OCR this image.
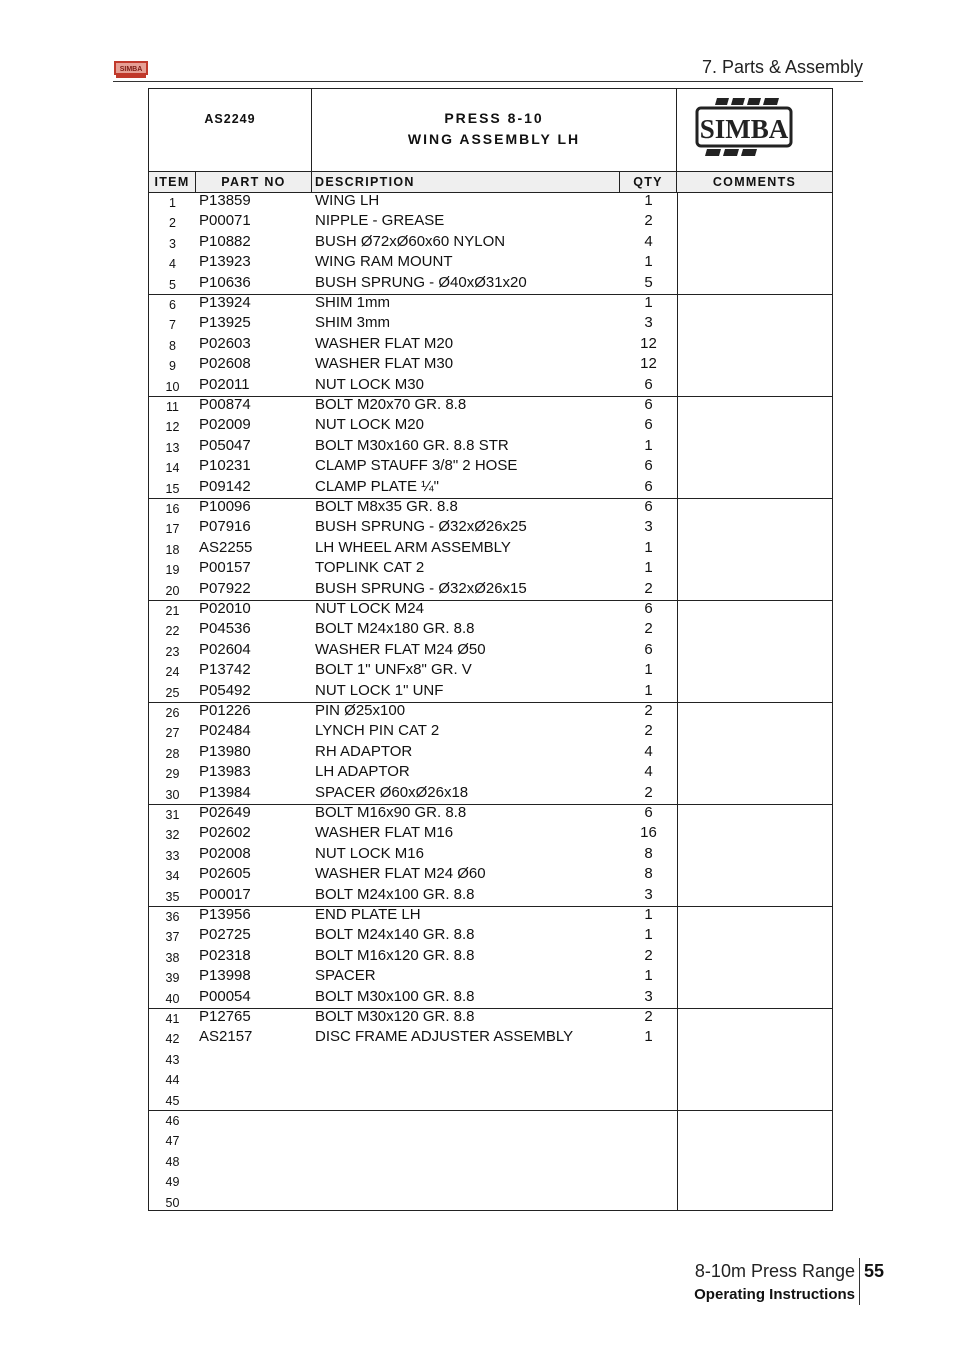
SIMBA	7. Parts & Assembly
AS2249	PRESS 8-10
WING ASSEMBLY LH	SIMBA
ITEM	PART NO	DESCRIPTION	QTY	COMMENTS
1	P13859	WING LH	1
2	P00071	NIPPLE - GREASE	2
3	P10882	BUSH Ø72xØ60x60 NYLON	4
4	P13923	WING RAM MOUNT	1
5	P10636	BUSH SPRUNG - Ø40xØ31x20	5
6	P13924	SHIM 1mm	1
7	P13925	SHIM 3mm	3
8	P02603	WASHER FLAT M20	12
9	P02608	WASHER FLAT M30	12
10	P02011	NUT LOCK M30	6
11	P00874	BOLT M20x70 GR. 8.8	6
12	P02009	NUT LOCK M20	6
13	P05047	BOLT M30x160 GR. 8.8 STR	1
14	P10231	CLAMP STAUFF 3/8" 2 HOSE	6
15	P09142	CLAMP PLATE ¼"	6
16	P10096	BOLT M8x35 GR. 8.8	6
17	P07916	BUSH SPRUNG - Ø32xØ26x25	3
18	AS2255	LH WHEEL ARM ASSEMBLY	1
19	P00157	TOPLINK CAT 2	1
20	P07922	BUSH SPRUNG - Ø32xØ26x15	2
21	P02010	NUT LOCK M24	6
22	P04536	BOLT M24x180 GR. 8.8	2
23	P02604	WASHER FLAT M24 Ø50	6
24	P13742	BOLT 1" UNFx8" GR. V	1
25	P05492	NUT LOCK 1" UNF	1
26	P01226	PIN Ø25x100	2
27	P02484	LYNCH PIN CAT 2	2
28	P13980	RH ADAPTOR	4
29	P13983	LH ADAPTOR	4
30	P13984	SPACER Ø60xØ26x18	2
31	P02649	BOLT M16x90 GR. 8.8	6
32	P02602	WASHER FLAT M16	16
33	P02008	NUT LOCK M16	8
34	P02605	WASHER FLAT M24 Ø60	8
35	P00017	BOLT M24x100 GR. 8.8	3
36	P13956	END PLATE LH	1
37	P02725	BOLT M24x140 GR. 8.8	1
38	P02318	BOLT M16x120 GR. 8.8	2
39	P13998	SPACER	1
40	P00054	BOLT M30x100 GR. 8.8	3
41	P12765	BOLT M30x120 GR. 8.8	2
42	AS2157	DISC FRAME ADJUSTER ASSEMBLY	1
43
44
45
46
47
48
49
50
8-10m Press Range
Operating Instructions
55
